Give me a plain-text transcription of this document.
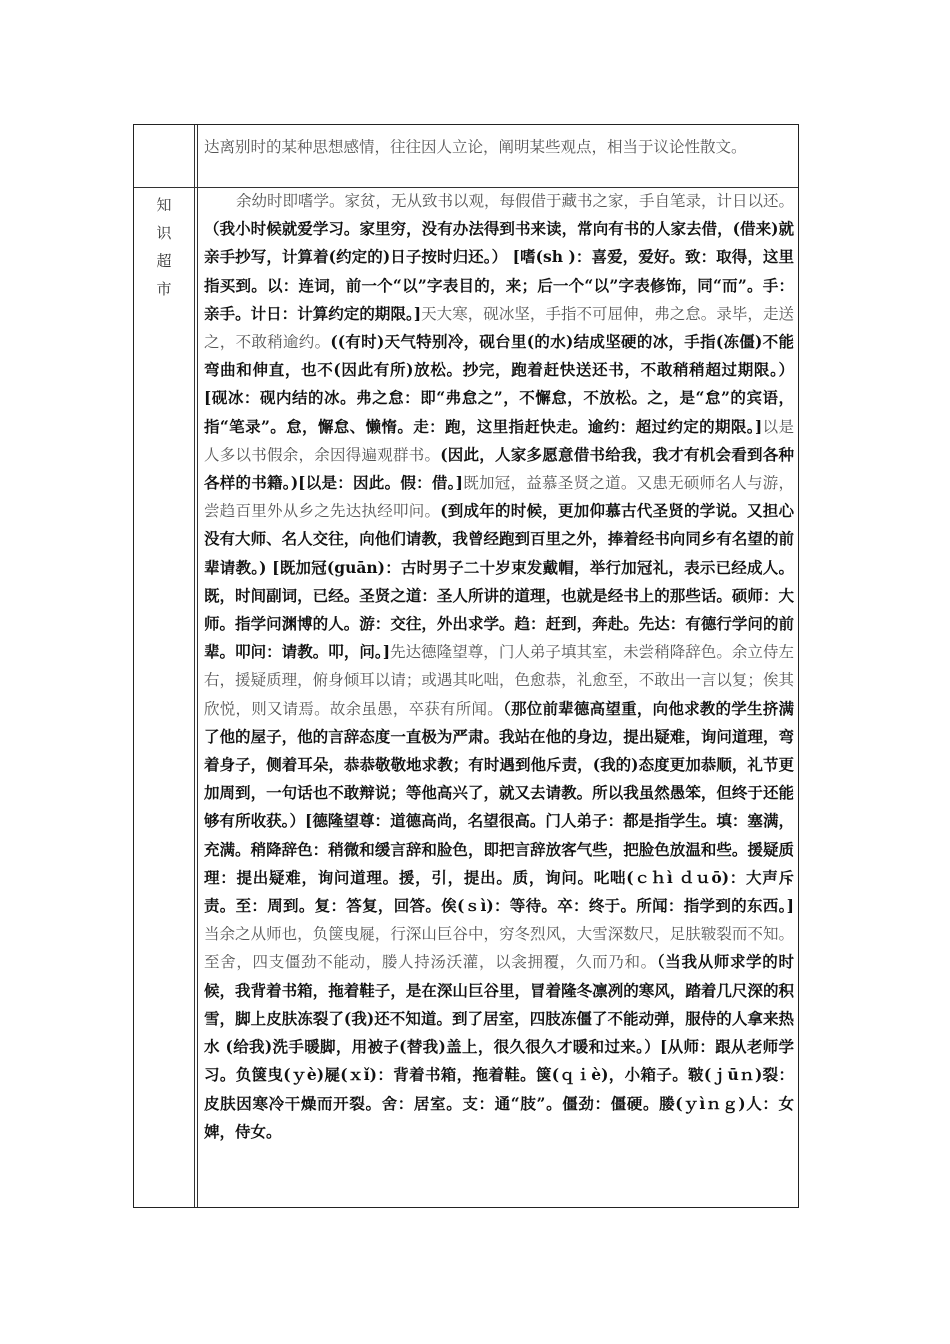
达离别时的某种思想感情，往往因人立论，阐明某些观点，相当于议论性散文。
知
识
超
市
余幼时即嗜学。家贫，无从致书以观，每假借于藏书之家，手自笔录，计日以还。（我小时候就爱学习。家里穷，没有办法得到书来读，常向有书的人家去借，(借来)就亲手抄写，计算着(约定的)日子按时归还。） [嗜(sh )：喜爱，爱好。致：取得，这里指买到。以：连词，前一个“以”字表目的，来；后一个“以”字表修饰，同“而”。手：亲手。计日：计算约定的期限。]天大寒，砚冰坚，手指不可屈伸，弗之怠。录毕，走送之，不敢稍逾约。((有时)天气特别冷，砚台里(的水)结成坚硬的冰，手指(冻僵)不能弯曲和伸直，也不(因此有所)放松。抄完，跑着赶快送还书，不敢稍稍超过期限。） [砚冰：砚内结的冰。弗之怠：即“弗怠之”，不懈怠，不放松。之，是“怠”的宾语，指“笔录”。怠，懈怠、懒惰。走：跑，这里指赶快走。逾约：超过约定的期限。]以是人多以书假余，余因得遍观群书。(因此，人家多愿意借书给我，我才有机会看到各种各样的书籍。)[以是：因此。假：借。]既加冠，益慕圣贤之道。又患无硕师名人与游，尝趋百里外从乡之先达执经叩问。(到成年的时候，更加仰慕古代圣贤的学说。又担心没有大师、名人交往，向他们请教，我曾经跑到百里之外，捧着经书向同乡有名望的前辈请教。) [既加冠(guān)：古时男子二十岁束发戴帽，举行加冠礼，表示已经成人。既，时间副词，已经。圣贤之道：圣人所讲的道理，也就是经书上的那些话。硕师：大师。指学问渊博的人。游：交往，外出求学。趋：赶到，奔赴。先达：有德行学问的前辈。叩问：请教。叩，问。]先达德隆望尊，门人弟子填其室，未尝稍降辞色。余立侍左右，援疑质理，俯身倾耳以请；或遇其叱咄，色愈恭，礼愈至，不敢出一言以复；俟其欣悦，则又请焉。故余虽愚，卒获有所闻。（那位前辈德高望重，向他求教的学生挤满了他的屋子，他的言辞态度一直极为严肃。我站在他的身边，提出疑难，询问道理，弯着身子，侧着耳朵，恭恭敬敬地求教；有时遇到他斥责，(我的)态度更加恭顺，礼节更加周到，一句话也不敢辩说；等他高兴了，就又去请教。所以我虽然愚笨，但终于还能够有所收获。）[德隆望尊：道德高尚，名望很高。门人弟子：都是指学生。填：塞满，充满。稍降辞色：稍微和缓言辞和脸色，即把言辞放客气些，把脸色放温和些。援疑质理：提出疑难，询问道理。援，引，提出。质，询问。叱咄(ｃｈì ｄｕō)：大声斥责。至：周到。复：答复，回答。俟(ｓì)：等待。卒：终于。所闻：指学到的东西。]当余之从师也，负箧曳屣，行深山巨谷中，穷冬烈风，大雪深数尺，足肤皲裂而不知。至舍，四支僵劲不能动，媵人持汤沃灌，以衾拥覆，久而乃和。（当我从师求学的时候，我背着书箱，拖着鞋子，是在深山巨谷里，冒着隆冬凛冽的寒风，踏着几尺深的积雪，脚上皮肤冻裂了(我)还不知道。到了居室，四肢冻僵了不能动弹，服侍的人拿来热水 (给我)洗手暖脚，用被子(替我)盖上，很久很久才暖和过来。）[从师：跟从老师学习。负箧曳(ｙè)屣(ｘǐ)：背着书箱，拖着鞋。箧(ｑｉè)，小箱子。皲(ｊūｎ)裂：皮肤因寒冷干燥而开裂。舍：居室。支：通“肢”。僵劲：僵硬。媵(ｙìｎｇ)人：女婢，侍女。
